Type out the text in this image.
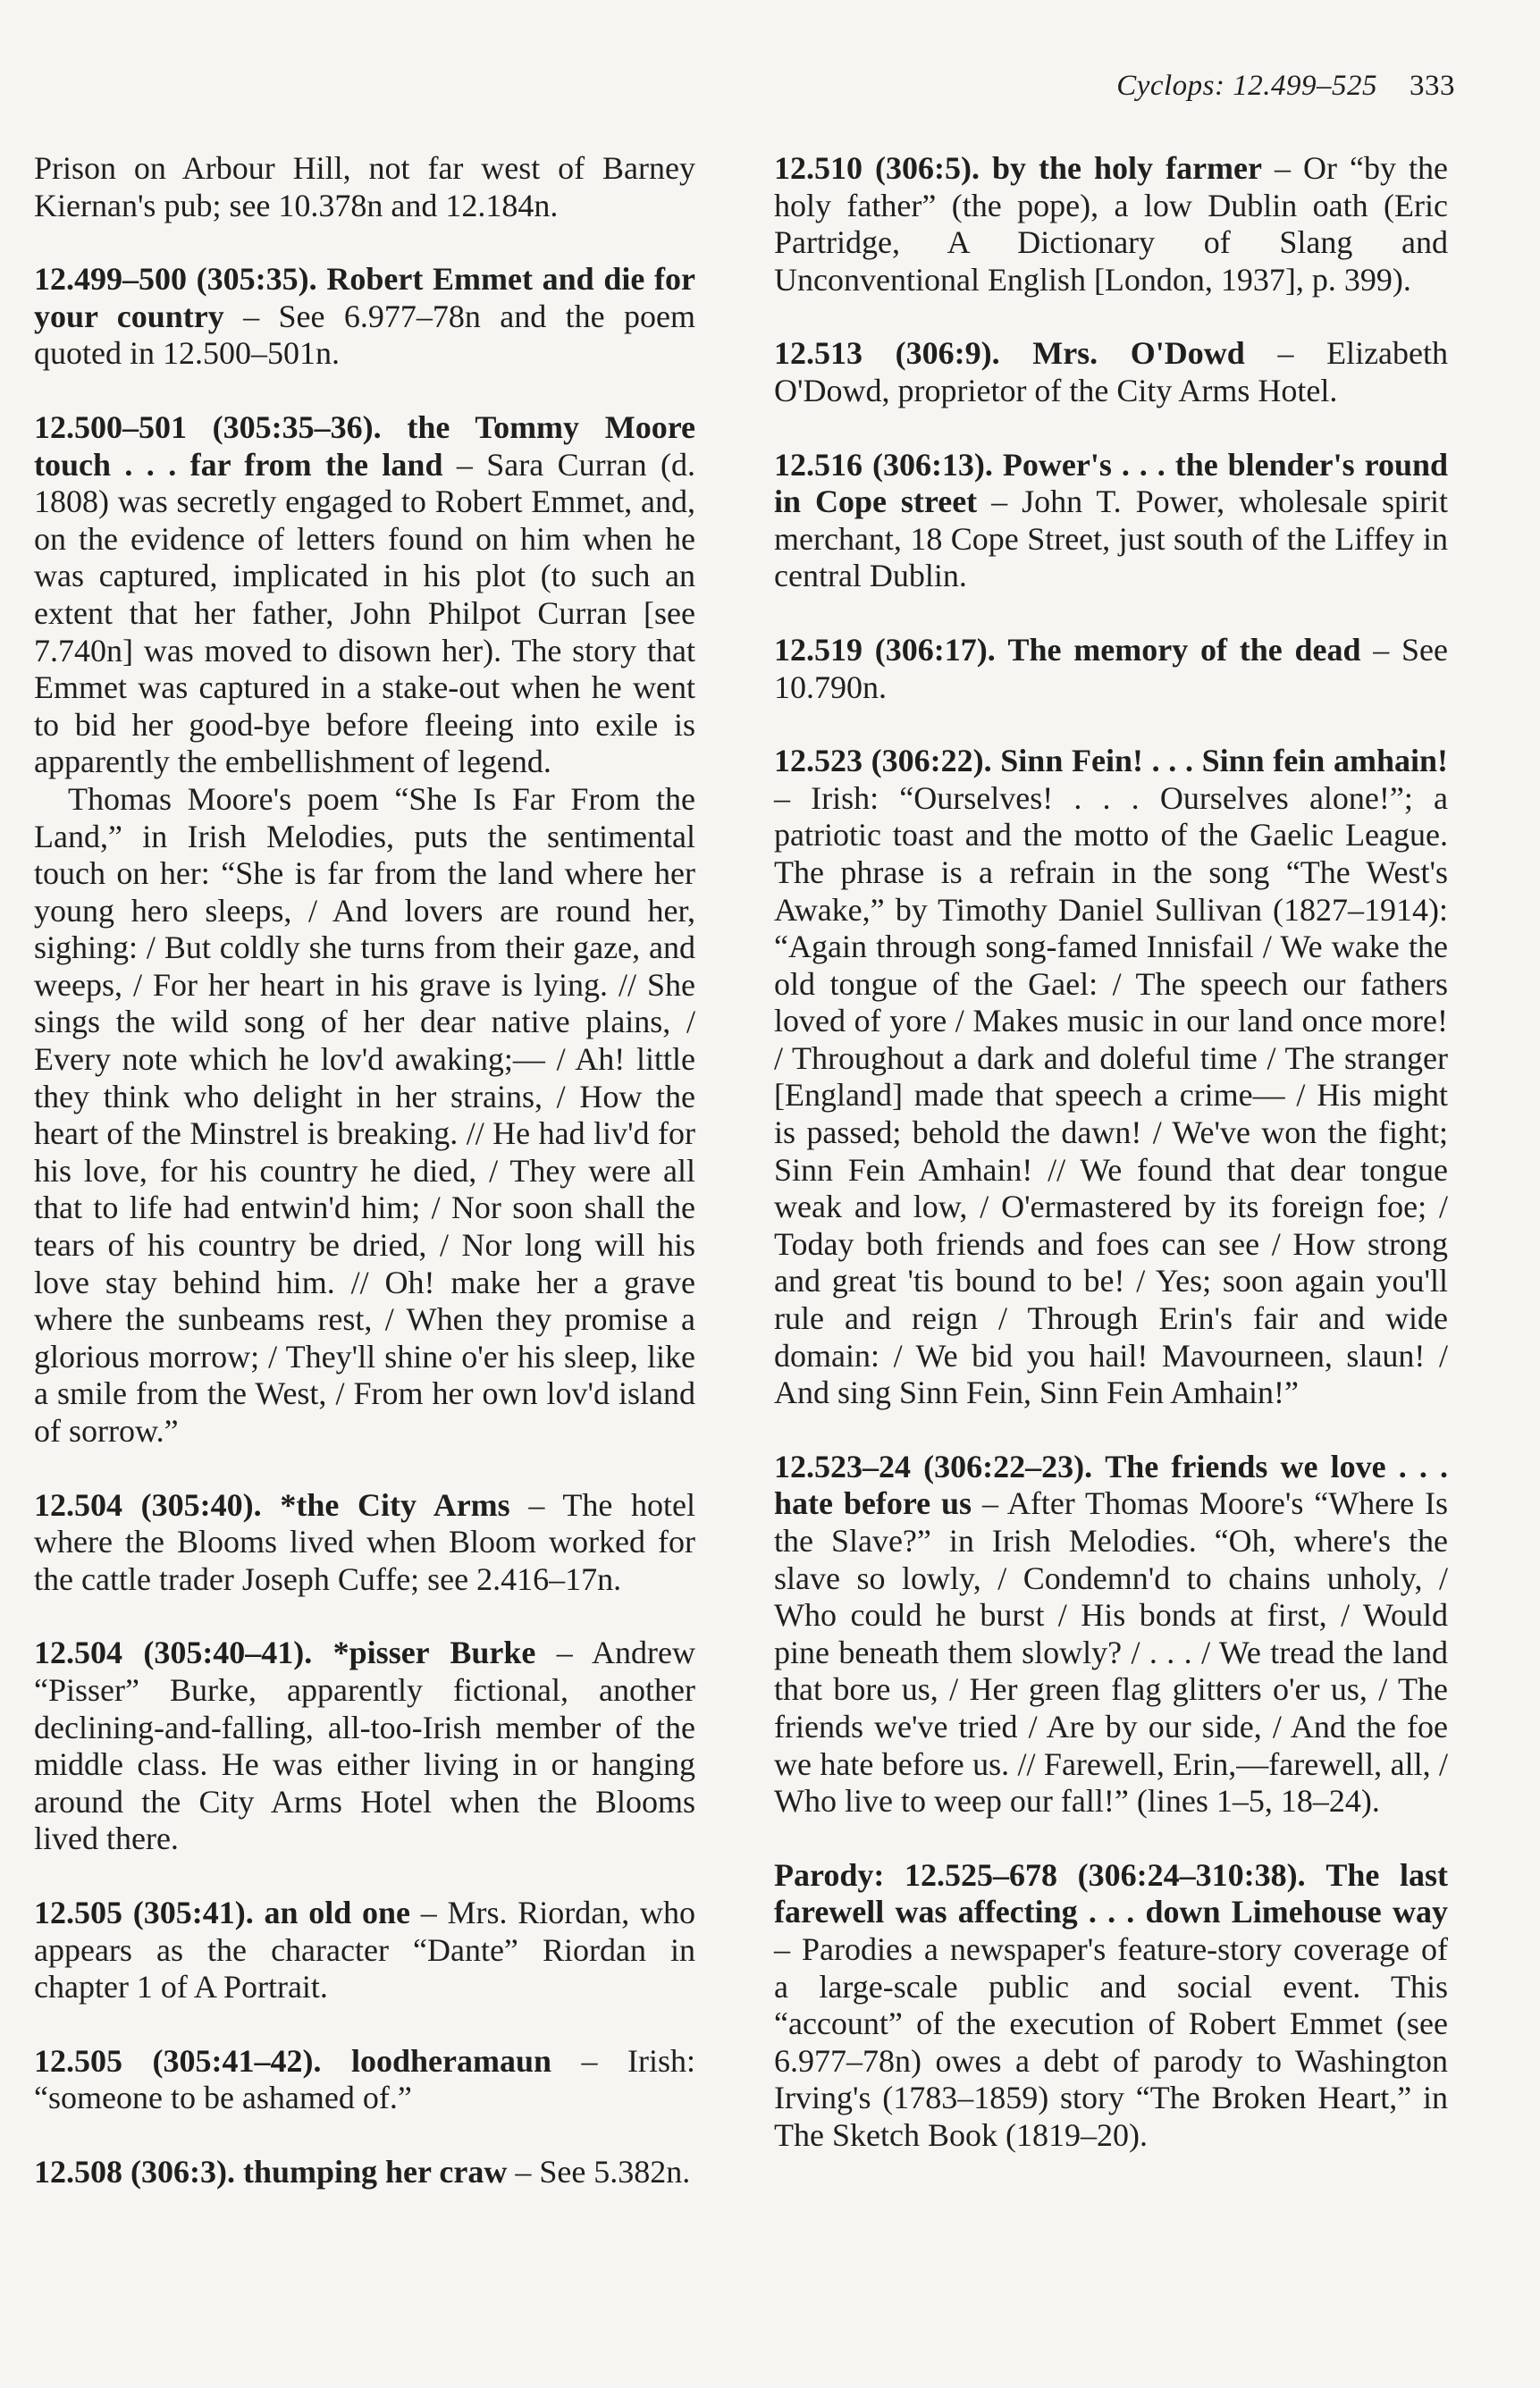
Cyclops: 12.499–525 333

Prison on Arbour Hill, not far west of Barney Kiernan's pub; see 10.378n and 12.184n.

12.499–500 (305:35). Robert Emmet and die for your country – See 6.977–78n and the poem quoted in 12.500–501n.

12.500–501 (305:35–36). the Tommy Moore touch . . . far from the land – Sara Curran (d. 1808) was secretly engaged to Robert Emmet, and, on the evidence of letters found on him when he was captured, implicated in his plot (to such an extent that her father, John Philpot Curran [see 7.740n] was moved to disown her). The story that Emmet was captured in a stake-out when he went to bid her good-bye before fleeing into exile is apparently the embellishment of legend.

Thomas Moore's poem “She Is Far From the Land,” in Irish Melodies, puts the sentimental touch on her: “She is far from the land where her young hero sleeps, / And lovers are round her, sighing: / But coldly she turns from their gaze, and weeps, / For her heart in his grave is lying. // She sings the wild song of her dear native plains, / Every note which he lov'd awaking;— / Ah! little they think who delight in her strains, / How the heart of the Minstrel is breaking. // He had liv'd for his love, for his country he died, / They were all that to life had entwin'd him; / Nor soon shall the tears of his country be dried, / Nor long will his love stay behind him. // Oh! make her a grave where the sunbeams rest, / When they promise a glorious morrow; / They'll shine o'er his sleep, like a smile from the West, / From her own lov'd island of sorrow.”

12.504 (305:40). *the City Arms – The hotel where the Blooms lived when Bloom worked for the cattle trader Joseph Cuffe; see 2.416–17n.

12.504 (305:40–41). *pisser Burke – Andrew “Pisser” Burke, apparently fictional, another declining-and-falling, all-too-Irish member of the middle class. He was either living in or hanging around the City Arms Hotel when the Blooms lived there.

12.505 (305:41). an old one – Mrs. Riordan, who appears as the character “Dante” Riordan in chapter 1 of A Portrait.

12.505 (305:41–42). loodheramaun – Irish: “someone to be ashamed of.”

12.508 (306:3). thumping her craw – See 5.382n.

12.510 (306:5). by the holy farmer – Or “by the holy father” (the pope), a low Dublin oath (Eric Partridge, A Dictionary of Slang and Unconventional English [London, 1937], p. 399).

12.513 (306:9). Mrs. O'Dowd – Elizabeth O'Dowd, proprietor of the City Arms Hotel.

12.516 (306:13). Power's . . . the blender's round in Cope street – John T. Power, wholesale spirit merchant, 18 Cope Street, just south of the Liffey in central Dublin.

12.519 (306:17). The memory of the dead – See 10.790n.

12.523 (306:22). Sinn Fein! . . . Sinn fein amhain! – Irish: “Ourselves! . . . Ourselves alone!”; a patriotic toast and the motto of the Gaelic League. The phrase is a refrain in the song “The West's Awake,” by Timothy Daniel Sullivan (1827–1914): “Again through song-famed Innisfail / We wake the old tongue of the Gael: / The speech our fathers loved of yore / Makes music in our land once more! / Throughout a dark and doleful time / The stranger [England] made that speech a crime— / His might is passed; behold the dawn! / We've won the fight; Sinn Fein Amhain! // We found that dear tongue weak and low, / O'ermastered by its foreign foe; / Today both friends and foes can see / How strong and great 'tis bound to be! / Yes; soon again you'll rule and reign / Through Erin's fair and wide domain: / We bid you hail! Mavourneen, slaun! / And sing Sinn Fein, Sinn Fein Amhain!”

12.523–24 (306:22–23). The friends we love . . . hate before us – After Thomas Moore's “Where Is the Slave?” in Irish Melodies. “Oh, where's the slave so lowly, / Condemn'd to chains unholy, / Who could he burst / His bonds at first, / Would pine beneath them slowly? / . . . / We tread the land that bore us, / Her green flag glitters o'er us, / The friends we've tried / Are by our side, / And the foe we hate before us. // Farewell, Erin,—farewell, all, / Who live to weep our fall!” (lines 1–5, 18–24).

Parody: 12.525–678 (306:24–310:38). The last farewell was affecting . . . down Limehouse way – Parodies a newspaper's feature-story coverage of a large-scale public and social event. This “account” of the execution of Robert Emmet (see 6.977–78n) owes a debt of parody to Washington Irving's (1783–1859) story “The Broken Heart,” in The Sketch Book (1819–20).
